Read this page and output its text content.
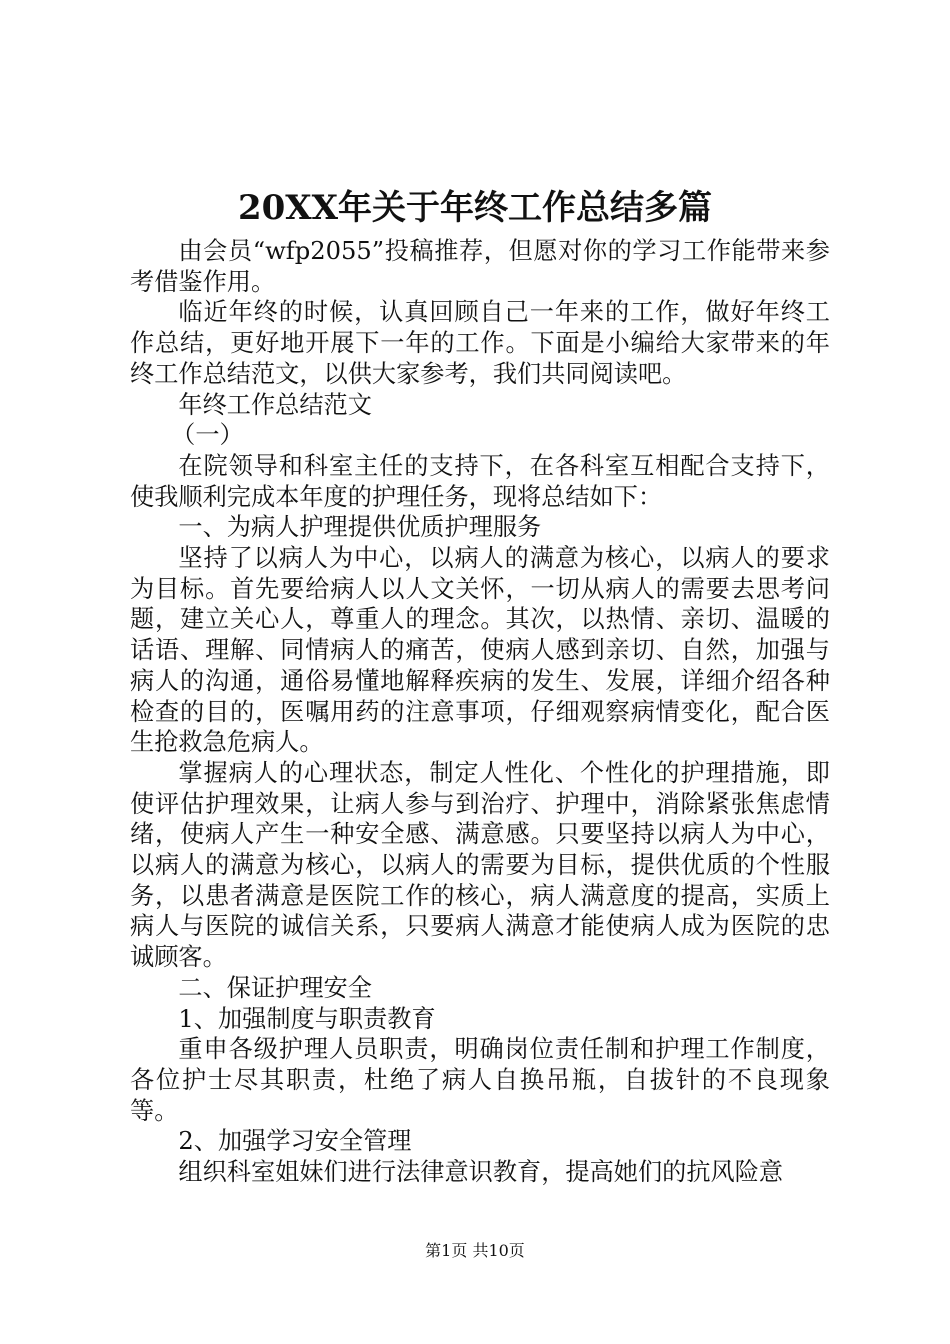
20XX年关于年终工作总结多篇

由会员“wfp2055”投稿推荐，但愿对你的学习工作能带来参考借鉴作用。

临近年终的时候，认真回顾自己一年来的工作，做好年终工作总结，更好地开展下一年的工作。下面是小编给大家带来的年终工作总结范文，以供大家参考，我们共同阅读吧。

年终工作总结范文

（一）

在院领导和科室主任的支持下，在各科室互相配合支持下，使我顺利完成本年度的护理任务，现将总结如下：

一、为病人护理提供优质护理服务

坚持了以病人为中心，以病人的满意为核心，以病人的要求为目标。首先要给病人以人文关怀，一切从病人的需要去思考问题，建立关心人，尊重人的理念。其次，以热情、亲切、温暖的话语、理解、同情病人的痛苦，使病人感到亲切、自然，加强与病人的沟通，通俗易懂地解释疾病的发生、发展，详细介绍各种检查的目的，医嘱用药的注意事项，仔细观察病情变化，配合医生抢救急危病人。

掌握病人的心理状态，制定人性化、个性化的护理措施，即使评估护理效果，让病人参与到治疗、护理中，消除紧张焦虑情绪，使病人产生一种安全感、满意感。只要坚持以病人为中心，以病人的满意为核心，以病人的需要为目标，提供优质的个性服务，以患者满意是医院工作的核心，病人满意度的提高，实质上病人与医院的诚信关系，只要病人满意才能使病人成为医院的忠诚顾客。

二、保证护理安全

1、加强制度与职责教育

重申各级护理人员职责，明确岗位责任制和护理工作制度，各位护士尽其职责，杜绝了病人自换吊瓶，自拔针的不良现象等。

2、加强学习安全管理

组织科室姐妹们进行法律意识教育，提高她们的抗风险意

第1页 共10页
